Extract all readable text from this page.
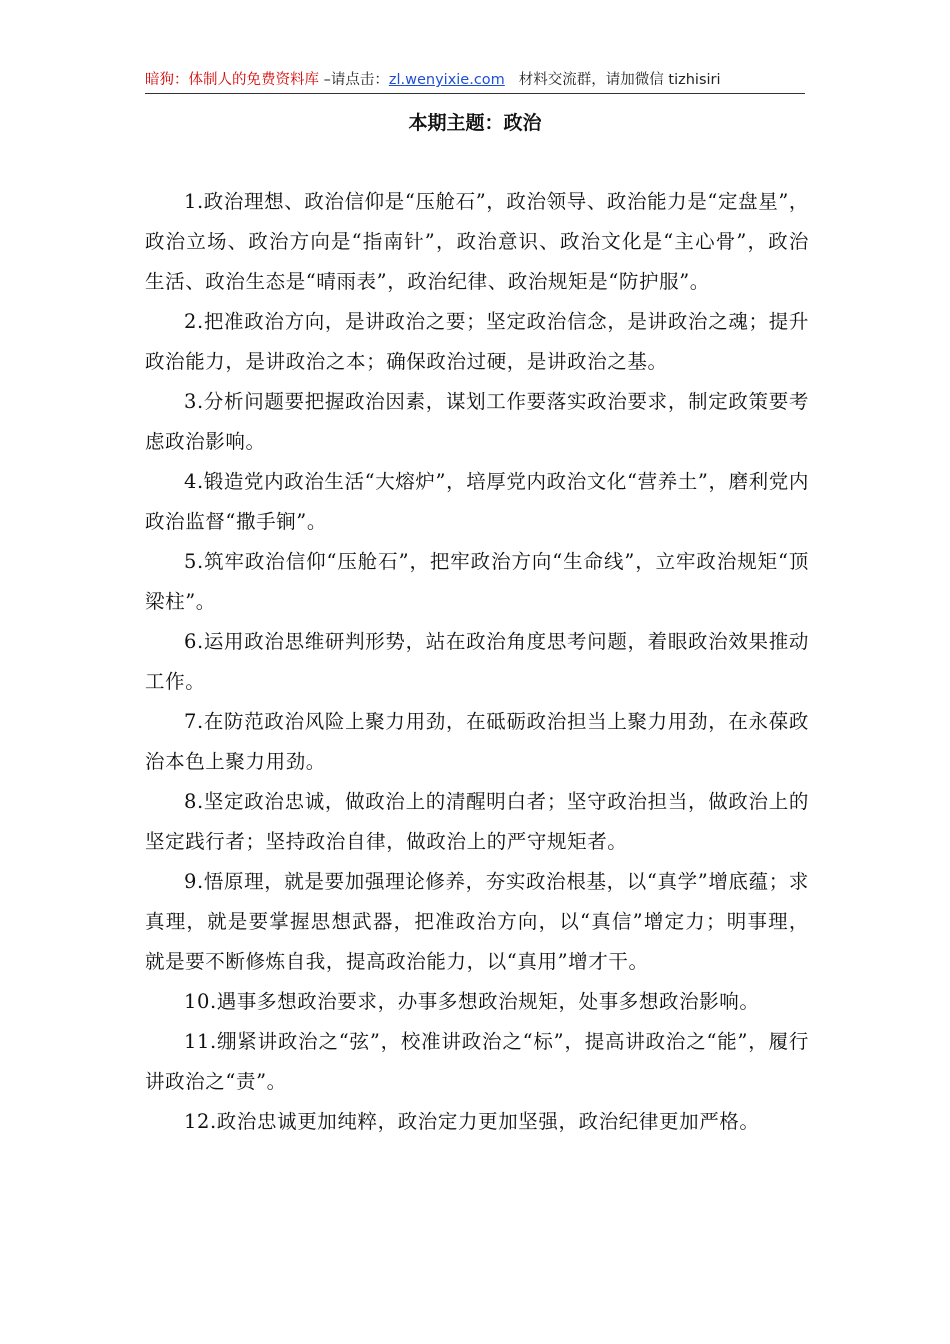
暗狗：体制人的免费资料库 –请点击：zl.wenyixie.com 材料交流群，请加微信 tizhisiri
本期主题：政治

1.政治理想、政治信仰是“压舱石”，政治领导、政治能力是“定盘星”，政治立场、政治方向是“指南针”，政治意识、政治文化是“主心骨”，政治生活、政治生态是“晴雨表”，政治纪律、政治规矩是“防护服”。

2.把准政治方向，是讲政治之要；坚定政治信念，是讲政治之魂；提升政治能力，是讲政治之本；确保政治过硬，是讲政治之基。

3.分析问题要把握政治因素，谋划工作要落实政治要求，制定政策要考虑政治影响。

4.锻造党内政治生活“大熔炉”，培厚党内政治文化“营养土”，磨利党内政治监督“撒手锏”。

5.筑牢政治信仰“压舱石”，把牢政治方向“生命线”，立牢政治规矩“顶梁柱”。

6.运用政治思维研判形势，站在政治角度思考问题，着眼政治效果推动工作。

7.在防范政治风险上聚力用劲，在砥砺政治担当上聚力用劲，在永葆政治本色上聚力用劲。

8.坚定政治忠诚，做政治上的清醒明白者；坚守政治担当，做政治上的坚定践行者；坚持政治自律，做政治上的严守规矩者。

9.悟原理，就是要加强理论修养，夯实政治根基，以“真学”增底蕴；求真理，就是要掌握思想武器，把准政治方向，以“真信”增定力；明事理，就是要不断修炼自我，提高政治能力，以“真用”增才干。

10.遇事多想政治要求，办事多想政治规矩，处事多想政治影响。

11.绷紧讲政治之“弦”，校准讲政治之“标”，提高讲政治之“能”，履行讲政治之“责”。

12.政治忠诚更加纯粹，政治定力更加坚强，政治纪律更加严格。
